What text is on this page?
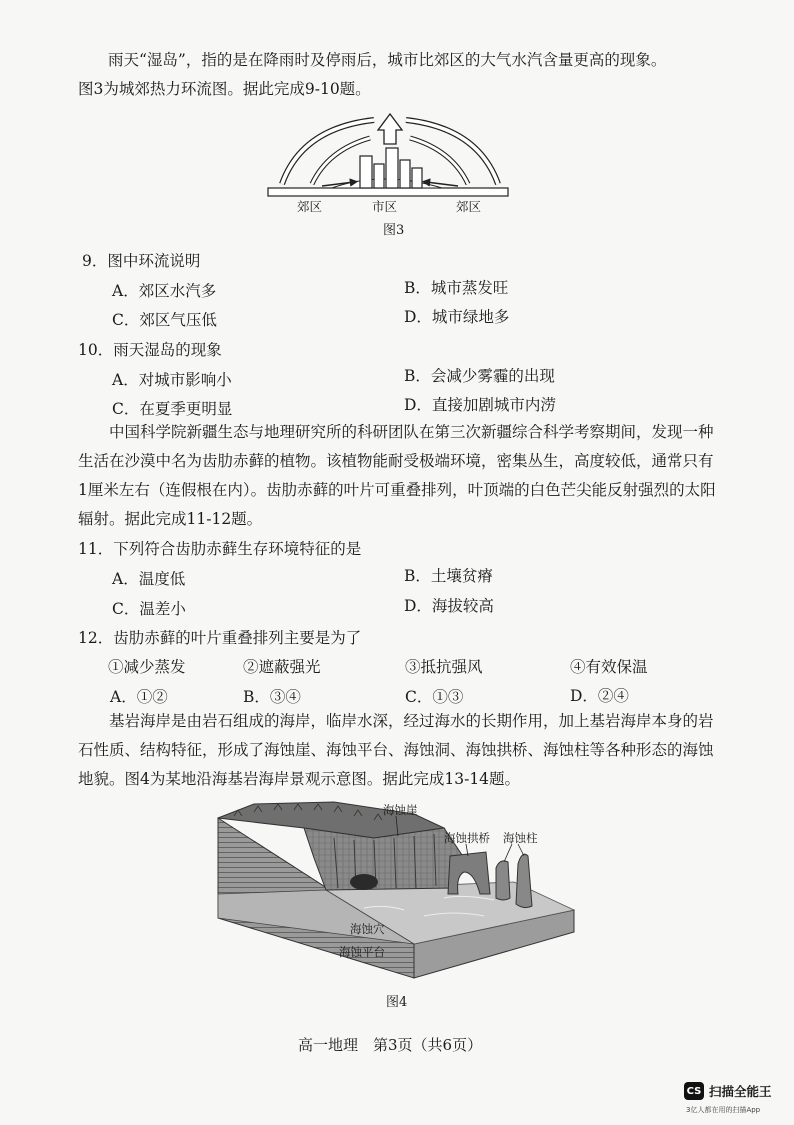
雨天“湿岛”，指的是在降雨时及停雨后，城市比郊区的大气水汽含量更高的现象。
图3为城郊热力环流图。据此完成9-10题。
郊区	市区	郊区
图3
9．图中环流说明
A．郊区水汽多	B．城市蒸发旺
C．郊区气压低	D．城市绿地多
10．雨天湿岛的现象
A．对城市影响小	B．会减少雾霾的出现
C．在夏季更明显	D．直接加剧城市内涝
中国科学院新疆生态与地理研究所的科研团队在第三次新疆综合科学考察期间，发现一种生活在沙漠中名为齿肋赤藓的植物。该植物能耐受极端环境，密集丛生，高度较低，通常只有1厘米左右（连假根在内）。齿肋赤藓的叶片可重叠排列，叶顶端的白色芒尖能反射强烈的太阳辐射。据此完成11-12题。
11．下列符合齿肋赤藓生存环境特征的是
A．温度低	B．土壤贫瘠
C．温差小	D．海拔较高
12．齿肋赤藓的叶片重叠排列主要是为了
①减少蒸发	②遮蔽强光	③抵抗强风	④有效保温
A．①②	B．③④	C．①③	D．②④
基岩海岸是由岩石组成的海岸，临岸水深，经过海水的长期作用，加上基岩海岸本身的岩石性质、结构特征，形成了海蚀崖、海蚀平台、海蚀洞、海蚀拱桥、海蚀柱等各种形态的海蚀地貌。图4为某地沿海基岩海岸景观示意图。据此完成13-14题。
海蚀崖
海蚀拱桥 海蚀柱
海蚀穴
海蚀平台
图4
高一地理　第3页（共6页）
CS 扫描全能王
3亿人都在用的扫描App
